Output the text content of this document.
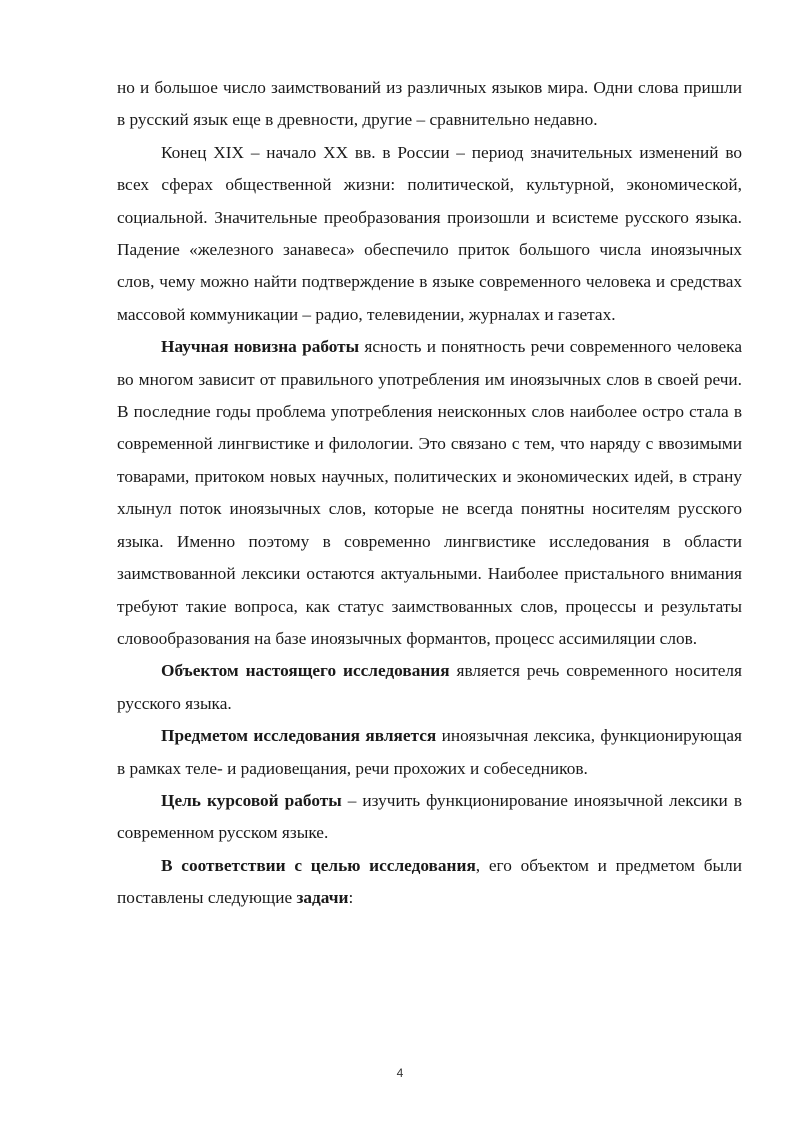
но и большое число заимствований из различных языков мира. Одни слова пришли в русский язык еще в древности, другие – сравнительно недавно.

Конец XIX – начало XX вв. в России – период значительных изменений во всех сферах общественной жизни: политической, культурной, экономической, социальной. Значительные преобразования произошли и всистеме русского языка. Падение «железного занавеса» обеспечило приток большого числа иноязычных слов, чему можно найти подтверждение в языке современного человека и средствах массовой коммуникации – радио, телевидении, журналах и газетах.

Научная новизна работы ясность и понятность речи современного человека во многом зависит от правильного употребления им иноязычных слов в своей речи. В последние годы проблема употребления неисконных слов наиболее остро стала в современной лингвистике и филологии. Это связано с тем, что наряду с ввозимыми товарами, притоком новых научных, политических и экономических идей, в страну хлынул поток иноязычных слов, которые не всегда понятны носителям русского языка. Именно поэтому в современно лингвистике исследования в области заимствованной лексики остаются актуальными. Наиболее пристального внимания требуют такие вопроса, как статус заимствованных слов, процессы и результаты словообразования на базе иноязычных формантов, процесс ассимиляции слов.

Объектом настоящего исследования является речь современного носителя русского языка.

Предметом исследования является иноязычная лексика, функционирующая в рамках теле- и радиовещания, речи прохожих и собеседников.

Цель курсовой работы – изучить функционирование иноязычной лексики в современном русском языке.

В соответствии с целью исследования, его объектом и предметом были поставлены следующие задачи:

4
